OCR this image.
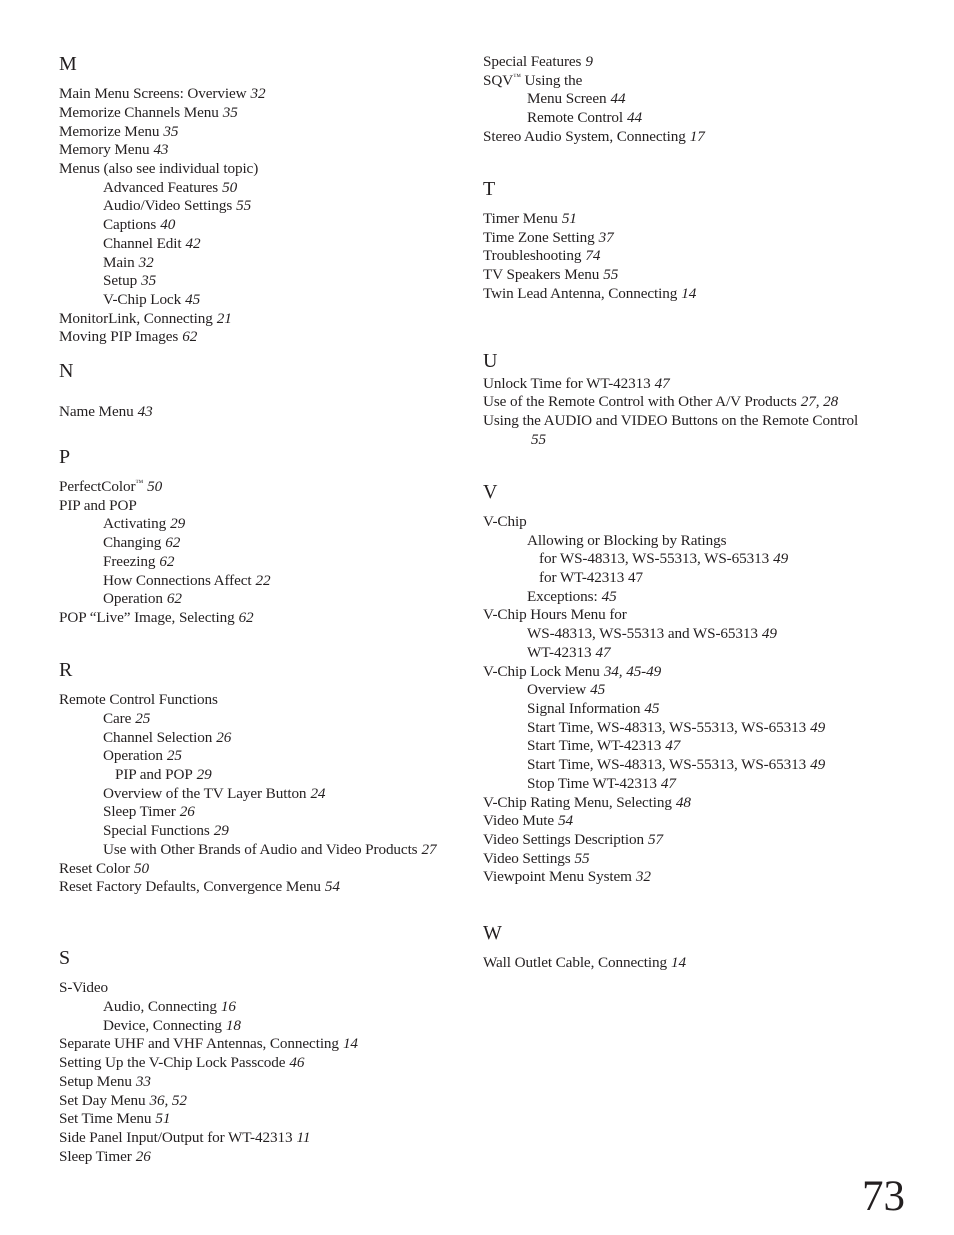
M
Main Menu Screens: Overview 32
Memorize Channels Menu 35
Memorize Menu 35
Memory Menu 43
Menus (also see individual topic)
Advanced Features 50
Audio/Video Settings 55
Captions 40
Channel Edit 42
Main 32
Setup 35
V-Chip Lock 45
MonitorLink, Connecting 21
Moving PIP Images 62
N
Name Menu 43
P
PerfectColor™ 50
PIP and POP
Activating 29
Changing 62
Freezing 62
How Connections Affect 22
Operation 62
POP “Live” Image, Selecting 62
R
Remote Control Functions
Care 25
Channel Selection 26
Operation 25
PIP and POP 29
Overview of the TV Layer Button 24
Sleep Timer 26
Special Functions 29
Use with Other Brands of Audio and Video Products 27
Reset Color 50
Reset Factory Defaults, Convergence Menu 54
S
S-Video
Audio, Connecting 16
Device, Connecting 18
Separate UHF and VHF Antennas, Connecting 14
Setting Up the V-Chip Lock Passcode 46
Setup Menu 33
Set Day Menu 36, 52
Set Time Menu 51
Side Panel Input/Output for WT-42313 11
Sleep Timer 26
Special Features 9
SQV™ Using the
Menu Screen 44
Remote Control 44
Stereo Audio System, Connecting 17
T
Timer Menu 51
Time Zone Setting 37
Troubleshooting 74
TV Speakers Menu 55
Twin Lead Antenna, Connecting 14
U
Unlock Time for WT-42313 47
Use of the Remote Control with Other A/V Products 27, 28
Using the AUDIO and VIDEO Buttons on the Remote Control
55
V
V-Chip
Allowing or Blocking by Ratings
for WS-48313, WS-55313, WS-65313 49
for WT-42313 47
Exceptions: 45
V-Chip Hours Menu for
WS-48313, WS-55313 and WS-65313 49
WT-42313 47
V-Chip Lock Menu 34, 45-49
Overview 45
Signal Information 45
Start Time, WS-48313, WS-55313, WS-65313 49
Start Time, WT-42313 47
Start Time, WS-48313, WS-55313, WS-65313 49
Stop Time WT-42313 47
V-Chip Rating Menu, Selecting 48
Video Mute 54
Video Settings Description 57
Video Settings 55
Viewpoint Menu System 32
W
Wall Outlet Cable, Connecting 14
73
